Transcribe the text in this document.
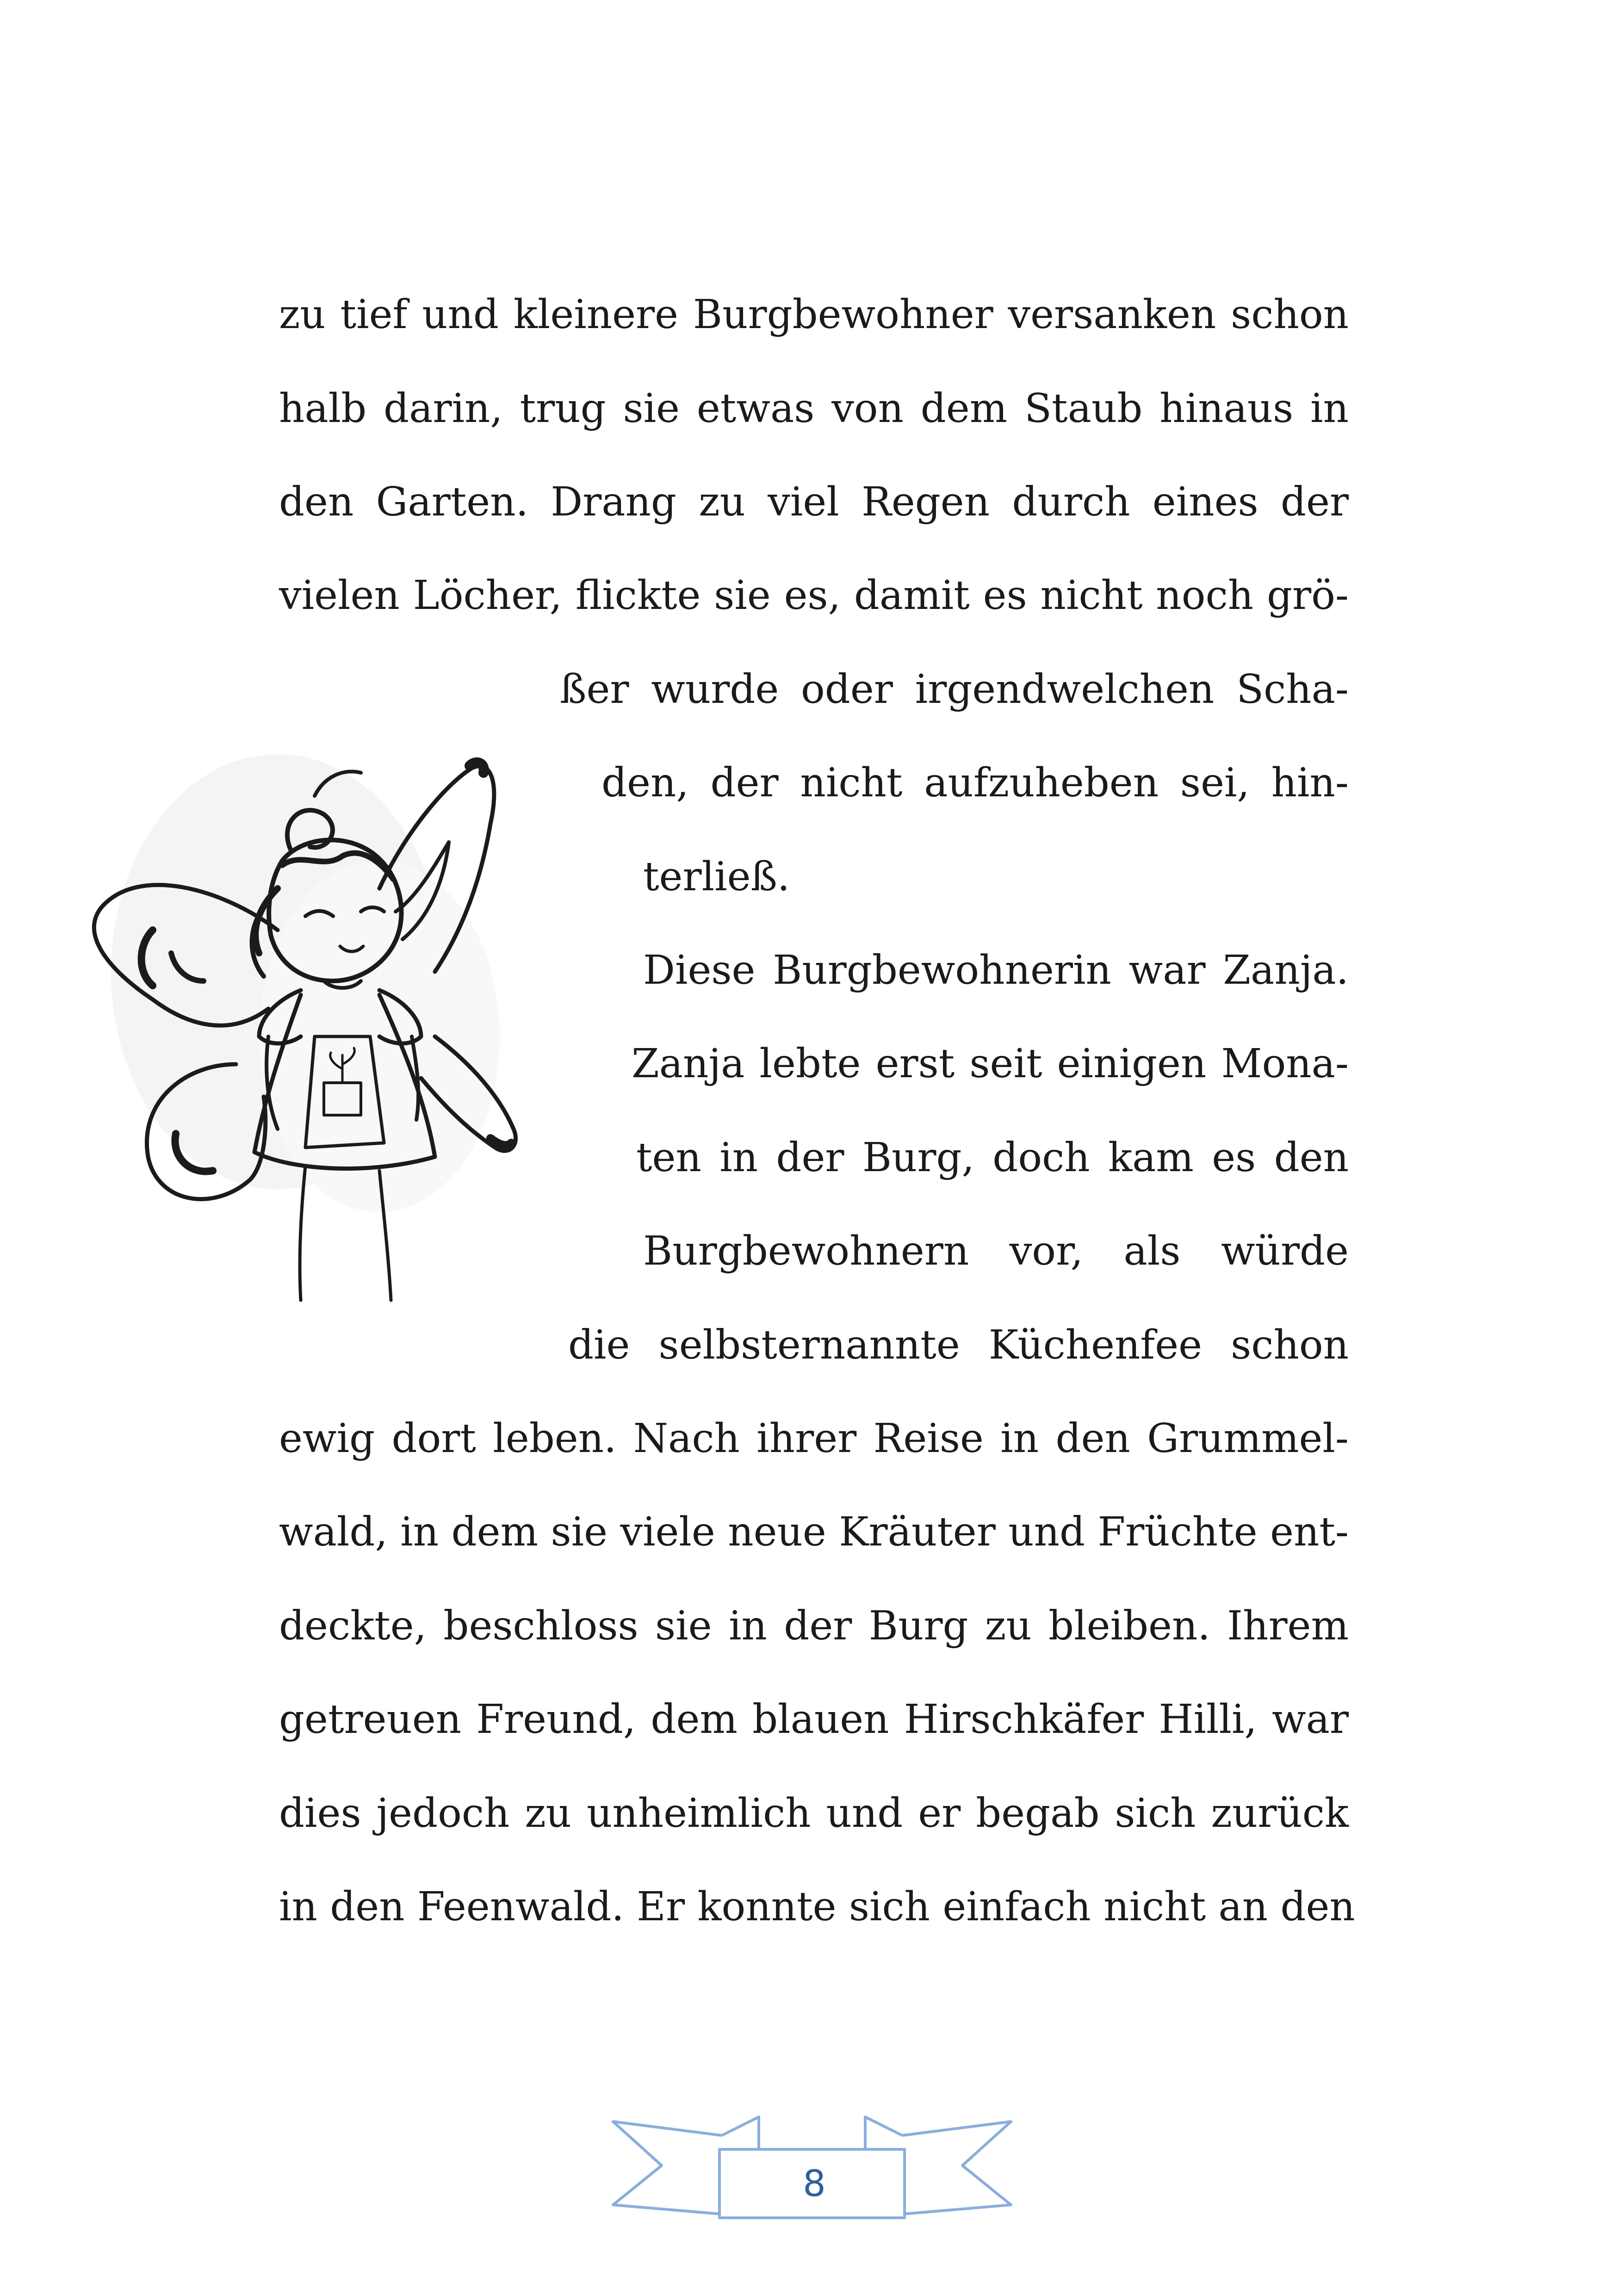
zu tief und kleinere Burgbewohner versanken schon
halb darin, trug sie etwas von dem Staub hinaus in
den Garten. Drang zu viel Regen durch eines der
vielen Löcher, flickte sie es, damit es nicht noch grö-
ßer wurde oder irgendwelchen Scha-
den, der nicht aufzuheben sei, hin-
terließ.
Diese Burgbewohnerin war Zanja.
Zanja lebte erst seit einigen Mona-
ten in der Burg, doch kam es den
Burgbewohnern vor, als würde
die selbsternannte Küchenfee schon
ewig dort leben. Nach ihrer Reise in den Grummel-
wald, in dem sie viele neue Kräuter und Früchte ent-
deckte, beschloss sie in der Burg zu bleiben. Ihrem
getreuen Freund, dem blauen Hirschkäfer Hilli, war
dies jedoch zu unheimlich und er begab sich zurück
in den Feenwald. Er konnte sich einfach nicht an den
8
